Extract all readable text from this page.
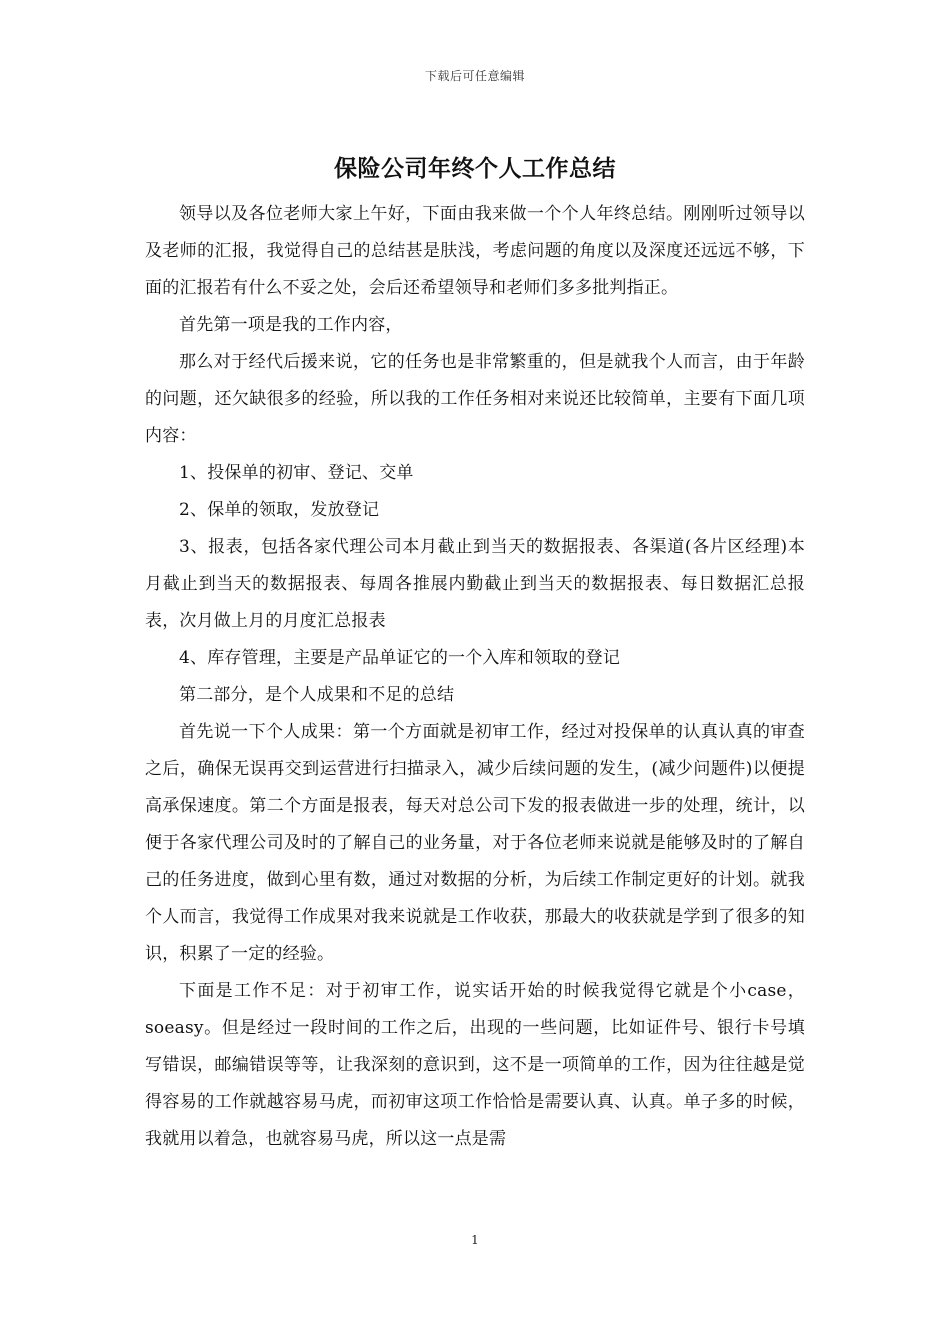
下载后可任意编辑
保险公司年终个人工作总结

领导以及各位老师大家上午好，下面由我来做一个个人年终总结。刚刚听过领导以及老师的汇报，我觉得自己的总结甚是肤浅，考虑问题的角度以及深度还远远不够，下面的汇报若有什么不妥之处，会后还希望领导和老师们多多批判指正。

首先第一项是我的工作内容，

那么对于经代后援来说，它的任务也是非常繁重的，但是就我个人而言，由于年龄的问题，还欠缺很多的经验，所以我的工作任务相对来说还比较简单，主要有下面几项内容：

1、投保单的初审、登记、交单

2、保单的领取，发放登记

3、报表，包括各家代理公司本月截止到当天的数据报表、各渠道(各片区经理)本月截止到当天的数据报表、每周各推展内勤截止到当天的数据报表、每日数据汇总报表，次月做上月的月度汇总报表

4、库存管理，主要是产品单证它的一个入库和领取的登记

第二部分，是个人成果和不足的总结

首先说一下个人成果：第一个方面就是初审工作，经过对投保单的认真认真的审查之后，确保无误再交到运营进行扫描录入，减少后续问题的发生，(减少问题件)以便提高承保速度。第二个方面是报表，每天对总公司下发的报表做进一步的处理，统计，以便于各家代理公司及时的了解自己的业务量，对于各位老师来说就是能够及时的了解自己的任务进度，做到心里有数，通过对数据的分析，为后续工作制定更好的计划。就我个人而言，我觉得工作成果对我来说就是工作收获，那最大的收获就是学到了很多的知识，积累了一定的经验。

下面是工作不足：对于初审工作，说实话开始的时候我觉得它就是个小case，soeasy。但是经过一段时间的工作之后，出现的一些问题，比如证件号、银行卡号填写错误，邮编错误等等，让我深刻的意识到，这不是一项简单的工作，因为往往越是觉得容易的工作就越容易马虎，而初审这项工作恰恰是需要认真、认真。单子多的时候，我就用以着急，也就容易马虎，所以这一点是需

1
